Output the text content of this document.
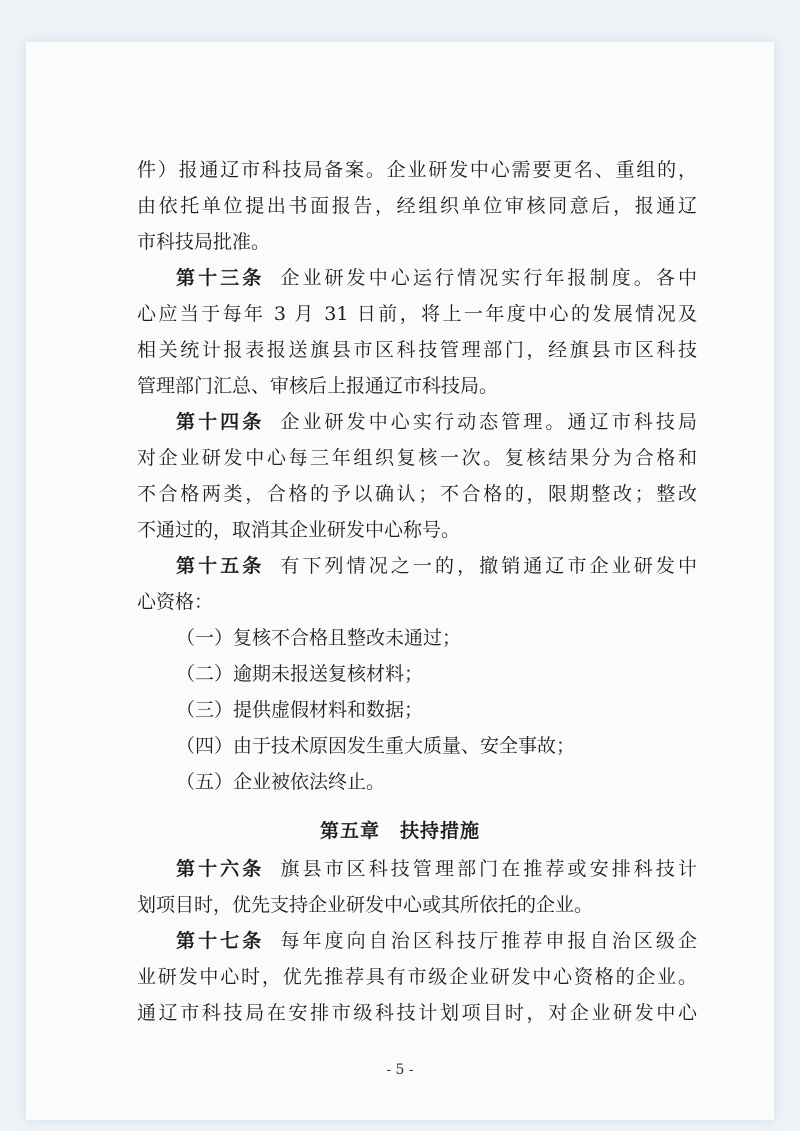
件）报通辽市科技局备案。企业研发中心需要更名、重组的，
由依托单位提出书面报告，经组织单位审核同意后，报通辽
市科技局批准。
第十三条 企业研发中心运行情况实行年报制度。各中
心应当于每年 3 月 31 日前，将上一年度中心的发展情况及
相关统计报表报送旗县市区科技管理部门，经旗县市区科技
管理部门汇总、审核后上报通辽市科技局。
第十四条 企业研发中心实行动态管理。通辽市科技局
对企业研发中心每三年组织复核一次。复核结果分为合格和
不合格两类，合格的予以确认；不合格的，限期整改；整改
不通过的，取消其企业研发中心称号。
第十五条 有下列情况之一的，撤销通辽市企业研发中
心资格：
（一）复核不合格且整改未通过；
（二）逾期未报送复核材料；
（三）提供虚假材料和数据；
（四）由于技术原因发生重大质量、安全事故；
（五）企业被依法终止。
第五章　扶持措施
第十六条 旗县市区科技管理部门在推荐或安排科技计
划项目时，优先支持企业研发中心或其所依托的企业。
第十七条 每年度向自治区科技厅推荐申报自治区级企
业研发中心时，优先推荐具有市级企业研发中心资格的企业。
通辽市科技局在安排市级科技计划项目时，对企业研发中心
- 5 -
